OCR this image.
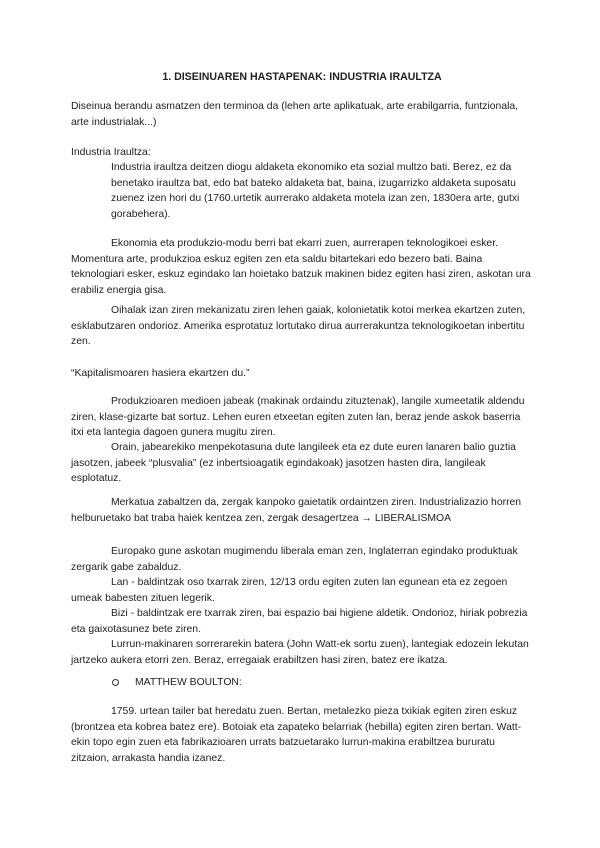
1. DISEINUAREN HASTAPENAK: INDUSTRIA IRAULTZA

Diseinua berandu asmatzen den terminoa da (lehen arte aplikatuak, arte erabilgarria, funtzionala, arte industrialak...)

Industria Iraultza:

Industria iraultza deitzen diogu aldaketa ekonomiko eta sozial multzo bati. Berez, ez da benetako iraultza bat, edo bat bateko aldaketa bat, baina, izugarrizko aldaketa suposatu zuenez izen hori du (1760.urtetik aurrerako aldaketa motela izan zen, 1830era arte, gutxi gorabehera).

Ekonomia eta produkzio-modu berri bat ekarri zuen, aurrerapen teknologikoei esker. Momentura arte, produkzioa eskuz egiten zen eta saldu bitartekari edo bezero bati. Baina teknologiari esker, eskuz egindako lan hoietako batzuk makinen bidez egiten hasi ziren, askotan ura erabiliz energia gisa.

Oihalak izan ziren mekanizatu ziren lehen gaiak, kolonietatik kotoi merkea ekartzen zuten, esklabutzaren ondorioz. Amerika esprotatuz lortutako dirua aurrerakuntza teknologikoetan inbertitu zen.

“Kapitalismoaren hasiera ekartzen du.”

Produkzioaren medioen jabeak (makinak ordaindu zituztenak), langile xumeetatik aldendu ziren, klase-gizarte bat sortuz. Lehen euren etxeetan egiten zuten lan, beraz jende askok baserria itxi eta lantegia dagoen gunera mugitu ziren.

Orain, jabearekiko menpekotasuna dute langileek eta ez dute euren lanaren balio guztia jasotzen, jabeek “plusvalia” (ez inbertsioagatik egindakoak) jasotzen hasten dira, langileak esplotatuz.

Merkatua zabaltzen da, zergak kanpoko gaietatik ordaintzen ziren. Industrializazio horren helburuetako bat traba haiek kentzea zen, zergak desagertzea → LIBERALISMOA

Europako gune askotan mugimendu liberala eman zen, Inglaterran egindako produktuak zergarik gabe zabalduz.

Lan - baldintzak oso txarrak ziren, 12/13 ordu egiten zuten lan egunean eta ez zegoen umeak babesten zituen legerik.

Bizi - baldintzak ere txarrak ziren, bai espazio bai higiene aldetik. Ondorioz, hiriak pobrezia eta gaixotasunez bete ziren.

Lurrun-makinaren sorrerarekin batera (John Watt-ek sortu zuen), lantegiak edozein lekutan jartzeko aukera etorri zen. Beraz, erregaiak erabiltzen hasi ziren, batez ere ikatza.

MATTHEW BOULTON:

1759. urtean tailer bat heredatu zuen. Bertan, metalezko pieza txikiak egiten ziren eskuz (brontzea eta kobrea batez ere). Botoiak eta zapateko belarriak (hebilla) egiten ziren bertan. Watt-ekin topo egin zuen eta fabrikazioaren urrats batzuetarako lurrun-makina erabiltzea bururatu zitzaion, arrakasta handia izanez.
